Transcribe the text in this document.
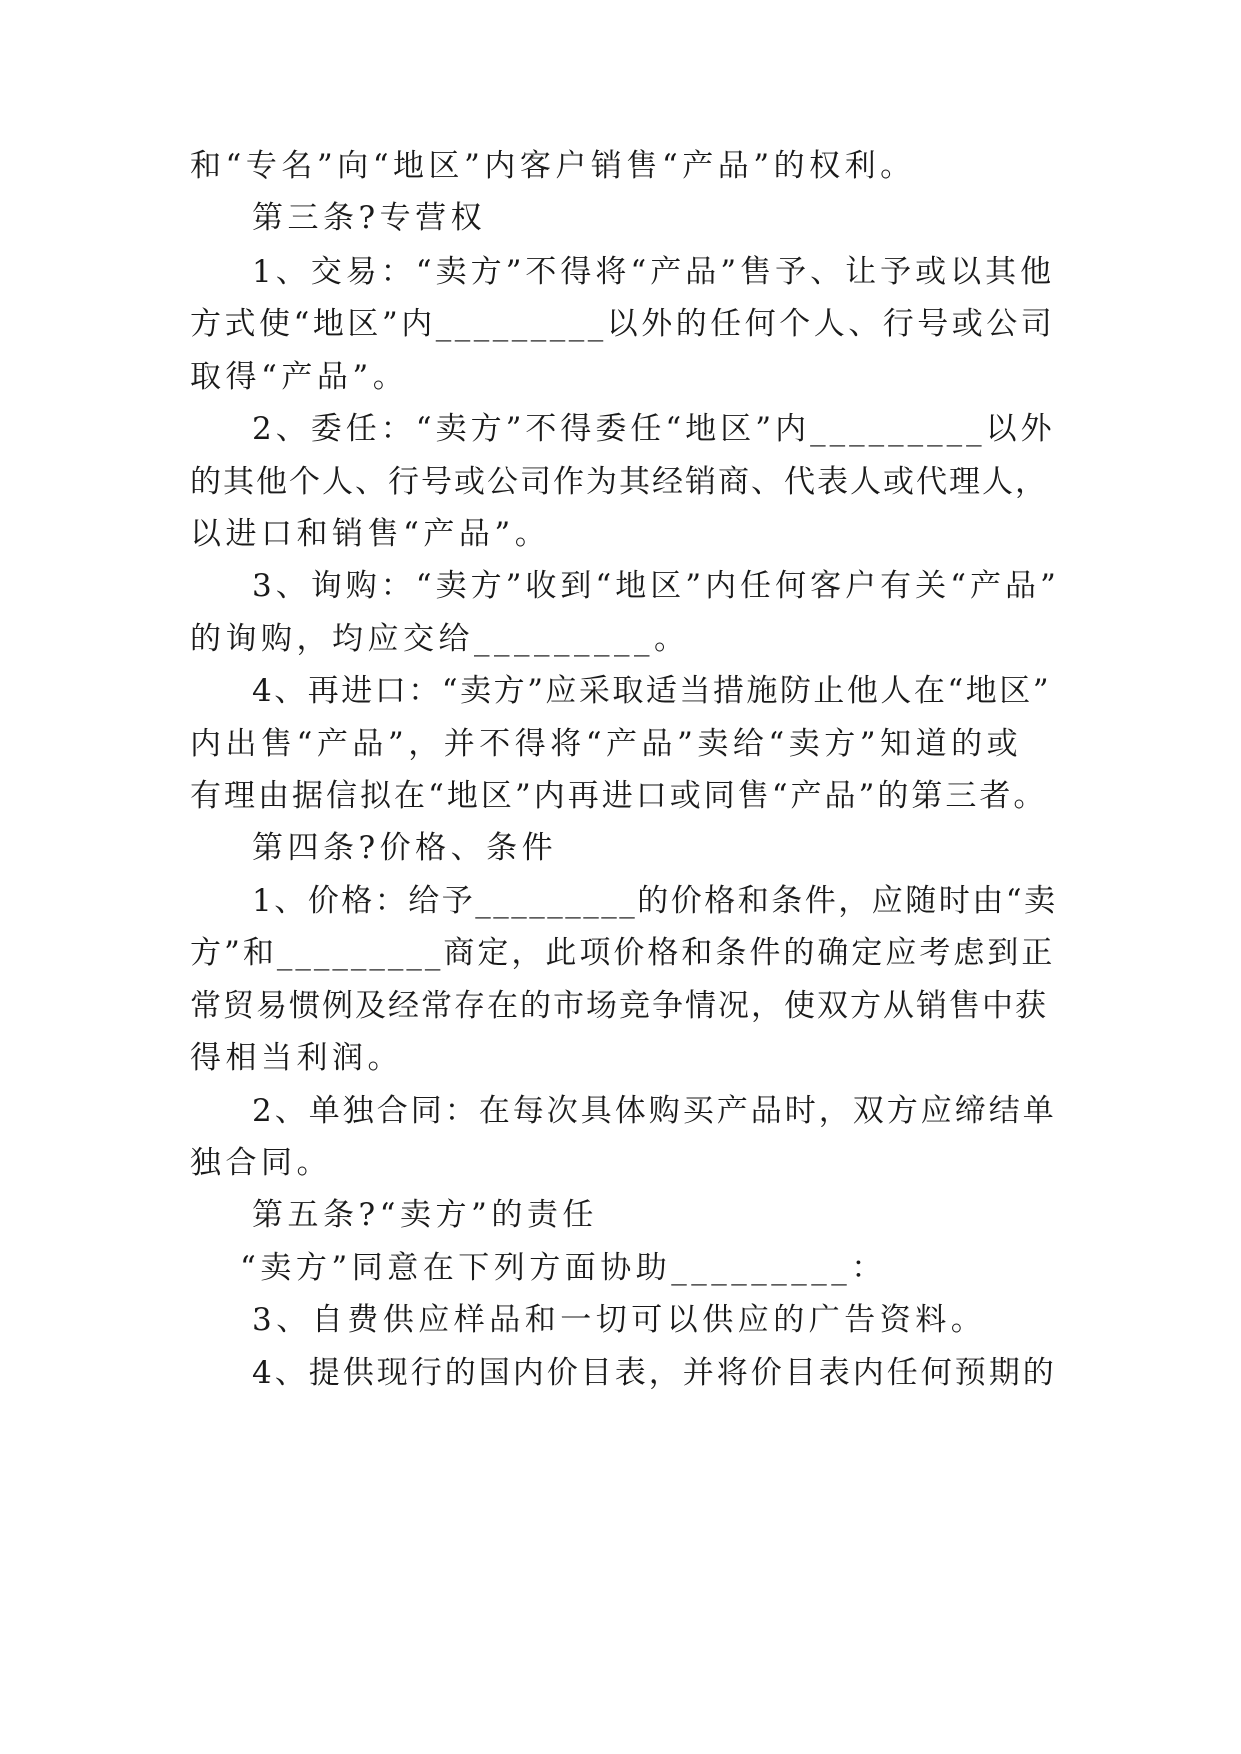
和“专名”向“地区”内客户销售“产品”的权利。
第三条?专营权
1、交易：“卖方”不得将“产品”售予、让予或以其他
方式使“地区”内_________以外的任何个人、行号或公司
取得“产品”。
2、委任：“卖方”不得委任“地区”内_________以外
的其他个人、行号或公司作为其经销商、代表人或代理人，
以进口和销售“产品”。
3、询购：“卖方”收到“地区”内任何客户有关“产品”
的询购，均应交给_________。
4、再进口：“卖方”应采取适当措施防止他人在“地区”
内出售“产品”，并不得将“产品”卖给“卖方”知道的或
有理由据信拟在“地区”内再进口或同售“产品”的第三者。
第四条?价格、条件
1、价格：给予_________的价格和条件，应随时由“卖
方”和_________商定，此项价格和条件的确定应考虑到正
常贸易惯例及经常存在的市场竞争情况，使双方从销售中获
得相当利润。
2、单独合同：在每次具体购买产品时，双方应缔结单
独合同。
第五条?“卖方”的责任
“卖方”同意在下列方面协助_________：
3、自费供应样品和一切可以供应的广告资料。
4、提供现行的国内价目表，并将价目表内任何预期的
